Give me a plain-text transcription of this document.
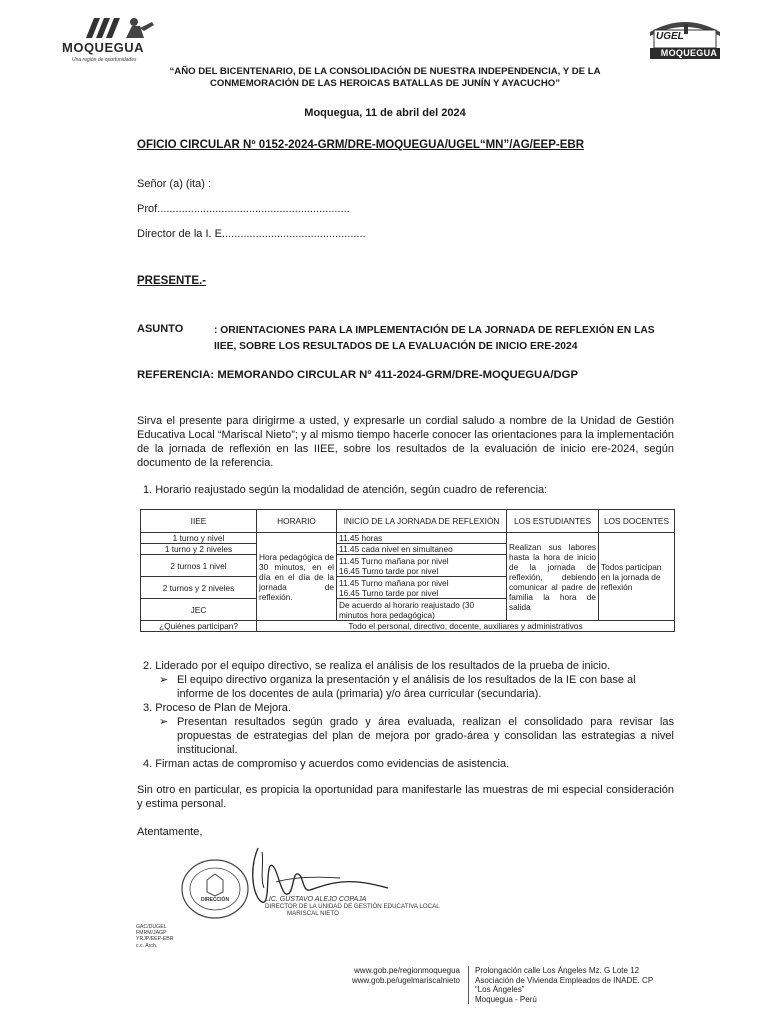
MOQUEGUA
Una región de oportunidades
UGEL
MOQUEGUA
“AÑO DEL BICENTENARIO, DE LA CONSOLIDACIÓN DE NUESTRA INDEPENDENCIA, Y DE LA
CONMEMORACIÓN DE LAS HEROICAS BATALLAS DE JUNÍN Y AYACUCHO”
Moquegua, 11 de abril del 2024
OFICIO CIRCULAR Nº 0152-2024-GRM/DRE-MOQUEGUA/UGEL“MN”/AG/EEP-EBR
Señor (a) (ita) :
Prof...............................................................
Director de la I. E...............................................
PRESENTE.-
ASUNTO	: ORIENTACIONES PARA LA IMPLEMENTACIÓN DE LA JORNADA DE REFLEXIÓN EN LAS IIEE, SOBRE LOS RESULTADOS DE LA EVALUACIÓN DE INICIO ERE-2024
REFERENCIA: MEMORANDO CIRCULAR Nº 411-2024-GRM/DRE-MOQUEGUA/DGP
Sirva el presente para dirigirme a usted, y expresarle un cordial saludo a nombre de la Unidad de Gestión Educativa Local “Mariscal Nieto”; y al mismo tiempo hacerle conocer las orientaciones para la implementación de la jornada de reflexión en las IIEE, sobre los resultados de la evaluación de inicio ere-2024, según documento de la referencia.
1. Horario reajustado según la modalidad de atención, según cuadro de referencia:
IIEE	HORARIO	INICIO DE LA JORNADA DE REFLEXIÓN	LOS ESTUDIANTES	LOS DOCENTES
1 turno y nivel	Hora pedagógica de 30 minutos, en el día en el día de la jornada de reflexión.	11.45 horas	Realizan sus labores hasta la hora de inicio de la jornada de reflexión, debiendo comunicar al padre de familia la hora de salida	Todos participan en la jornada de reflexión
1 turno y 2 niveles		11.45 cada nivel en simultaneo		
2 turnos 1 nivel		11.45 Turno mañana por nivel
16.45 Turno tarde por nivel		

2 turnos y 2 niveles		11.45 Turno mañana por nivel
16.45 Turno tarde por nivel		

JEC		De acuerdo al horario reajustado (30 minutos hora pedagógica)		
¿Quiénes participan?	Todo el personal, directivo, docente, auxiliares y administrativos			
2. Liderado por el equipo directivo, se realiza el análisis de los resultados de la prueba de inicio.
➢ El equipo directivo organiza la presentación y el análisis de los resultados de la IE con base al informe de los docentes de aula (primaria) y/o área curricular (secundaria).
3. Proceso de Plan de Mejora.
➢ Presentan resultados según grado y área evaluada, realizan el consolidado para revisar las propuestas de estrategias del plan de mejora por grado-área y consolidan las estrategias a nivel institucional.
4. Firman actas de compromiso y acuerdos como evidencias de asistencia.
Sin otro en particular, es propicia la oportunidad para manifestarle las muestras de mi especial consideración y estima personal.
Atentamente,
DIRECCIÓN	LIC. GUSTAVO ALEJO COPAJA
DIRECTOR DE LA UNIDAD DE GESTIÓN EDUCATIVA LOCAL
MARISCAL NIETO
GAC/DUGEL
FMRM/JAGP
YRJP/EEP-EBR
c.c. Arch.
www.gob.pe/regionmoquegua
www.gob.pe/ugelmariscalnieto
Prolongación calle Los Ángeles Mz. G Lote 12
Asociación de Vivienda Empleados de INADE. CP
“Los Ángeles”
Moquegua - Perú
